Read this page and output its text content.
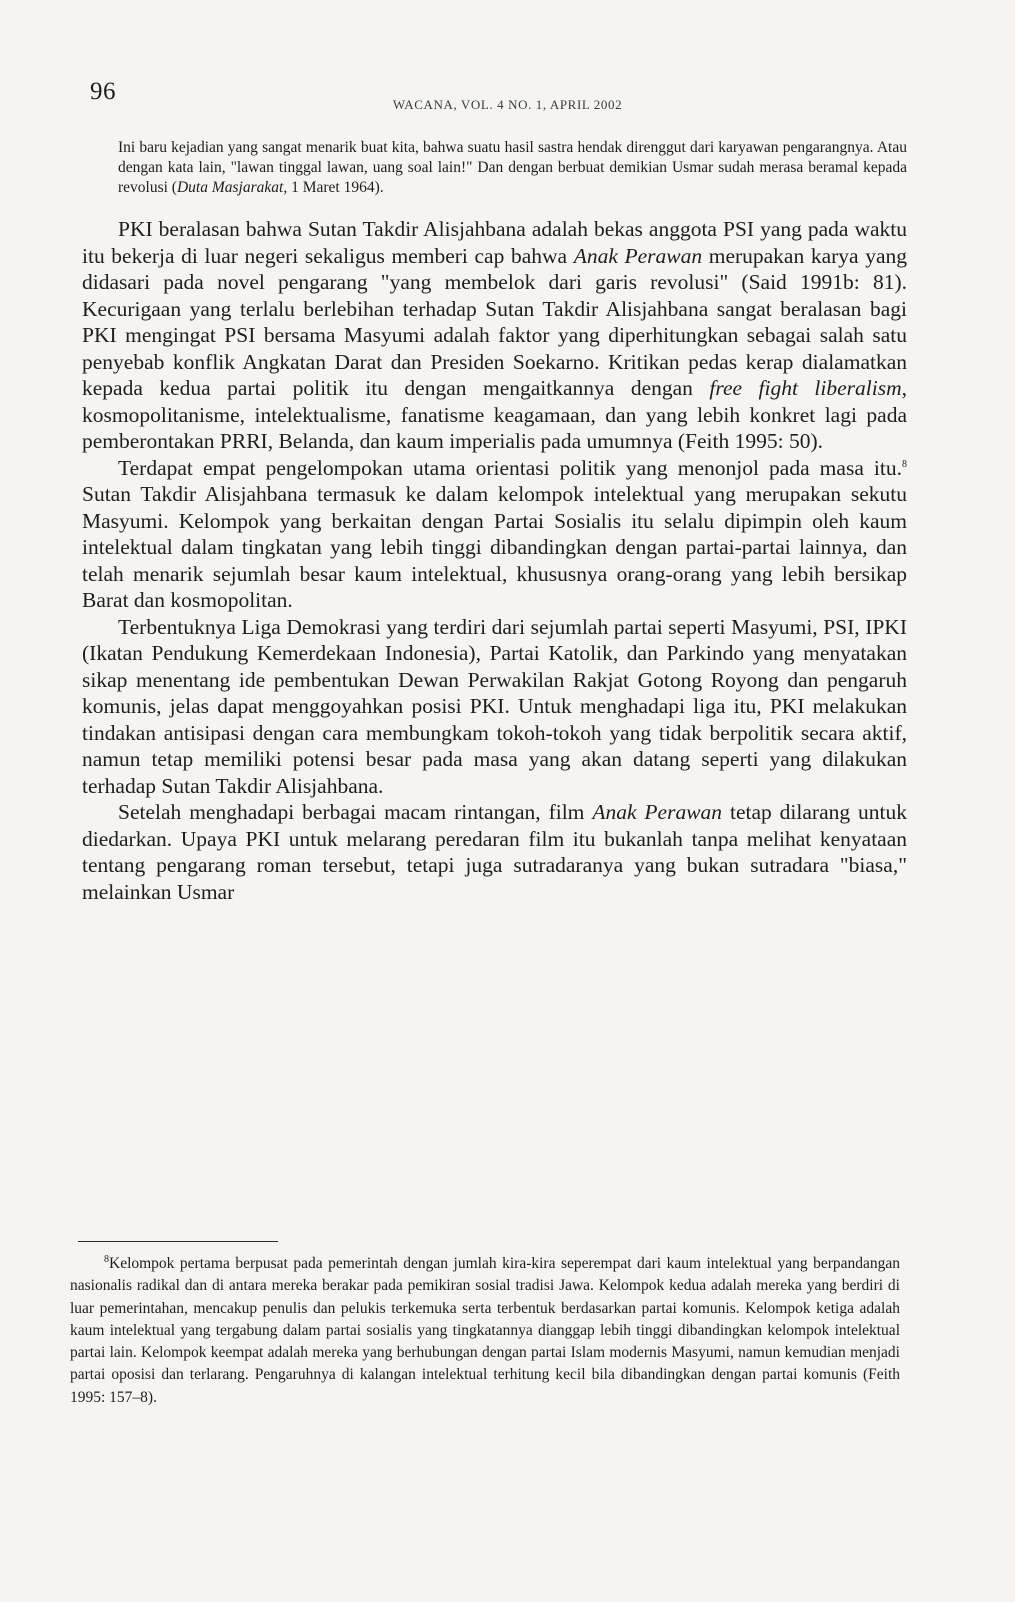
96	WACANA, VOL. 4 NO. 1, APRIL 2002
Ini baru kejadian yang sangat menarik buat kita, bahwa suatu hasil sastra hendak direnggut dari karyawan pengarangnya. Atau dengan kata lain, "lawan tinggal lawan, uang soal lain!" Dan dengan berbuat demikian Usmar sudah merasa beramal kepada revolusi (Duta Masjarakat, 1 Maret 1964).

PKI beralasan bahwa Sutan Takdir Alisjahbana adalah bekas anggota PSI yang pada waktu itu bekerja di luar negeri sekaligus memberi cap bahwa Anak Perawan merupakan karya yang didasari pada novel pengarang "yang membelok dari garis revolusi" (Said 1991b: 81). Kecurigaan yang terlalu berlebihan terhadap Sutan Takdir Alisjahbana sangat beralasan bagi PKI mengingat PSI bersama Masyumi adalah faktor yang diperhitungkan sebagai salah satu penyebab konflik Angkatan Darat dan Presiden Soekarno. Kritikan pedas kerap dialamatkan kepada kedua partai politik itu dengan mengaitkannya dengan free fight liberalism, kosmopolitanisme, intelektualisme, fanatisme keagamaan, dan yang lebih konkret lagi pada pemberontakan PRRI, Belanda, dan kaum imperialis pada umumnya (Feith 1995: 50).

Terdapat empat pengelompokan utama orientasi politik yang menonjol pada masa itu.$^8$ Sutan Takdir Alisjahbana termasuk ke dalam kelompok intelektual yang merupakan sekutu Masyumi. Kelompok yang berkaitan dengan Partai Sosialis itu selalu dipimpin oleh kaum intelektual dalam tingkatan yang lebih tinggi dibandingkan dengan partai-partai lainnya, dan telah menarik sejumlah besar kaum intelektual, khususnya orang-orang yang lebih bersikap Barat dan kosmopolitan.

Terbentuknya Liga Demokrasi yang terdiri dari sejumlah partai seperti Masyumi, PSI, IPKI (Ikatan Pendukung Kemerdekaan Indonesia), Partai Katolik, dan Parkindo yang menyatakan sikap menentang ide pembentukan Dewan Perwakilan Rakjat Gotong Royong dan pengaruh komunis, jelas dapat menggoyahkan posisi PKI. Untuk menghadapi liga itu, PKI melakukan tindakan antisipasi dengan cara membungkam tokoh-tokoh yang tidak berpolitik secara aktif, namun tetap memiliki potensi besar pada masa yang akan datang seperti yang dilakukan terhadap Sutan Takdir Alisjahbana.

Setelah menghadapi berbagai macam rintangan, film Anak Perawan tetap dilarang untuk diedarkan. Upaya PKI untuk melarang peredaran film itu bukanlah tanpa melihat kenyataan tentang pengarang roman tersebut, tetapi juga sutradaranya yang bukan sutradara "biasa," melainkan Usmar

$^8$Kelompok pertama berpusat pada pemerintah dengan jumlah kira-kira seperempat dari kaum intelektual yang berpandangan nasionalis radikal dan di antara mereka berakar pada pemikiran sosial tradisi Jawa. Kelompok kedua adalah mereka yang berdiri di luar pemerintahan, mencakup penulis dan pelukis terkemuka serta terbentuk berdasarkan partai komunis. Kelompok ketiga adalah kaum intelektual yang tergabung dalam partai sosialis yang tingkatannya dianggap lebih tinggi dibandingkan kelompok intelektual partai lain. Kelompok keempat adalah mereka yang berhubungan dengan partai Islam modernis Masyumi, namun kemudian menjadi partai oposisi dan terlarang. Pengaruhnya di kalangan intelektual terhitung kecil bila dibandingkan dengan partai komunis (Feith 1995: 157–8).
